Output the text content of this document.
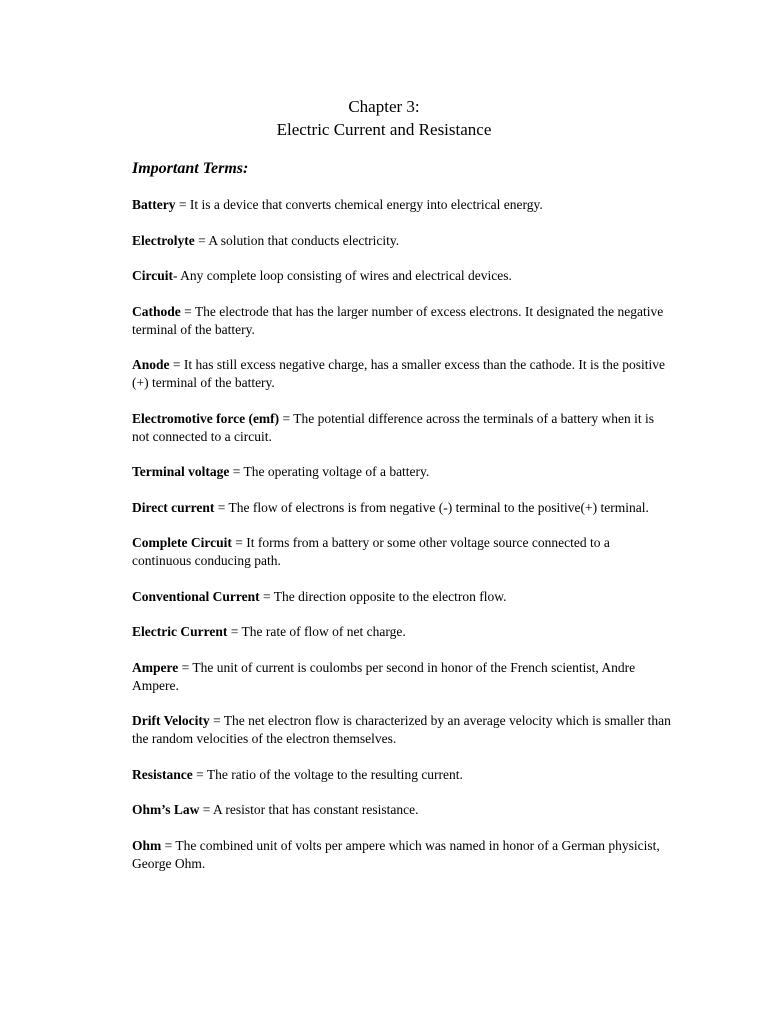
Chapter 3:
Electric Current and Resistance
Important Terms:

Battery = It is a device that converts chemical energy into electrical energy.

Electrolyte = A solution that conducts electricity.

Circuit- Any complete loop consisting of wires and electrical devices.

Cathode = The electrode that has the larger number of excess electrons. It designated the negative terminal of the battery.

Anode = It has still excess negative charge, has a smaller excess than the cathode. It is the positive (+) terminal of the battery.

Electromotive force (emf) = The potential difference across the terminals of a battery when it is not connected to a circuit.

Terminal voltage = The operating voltage of a battery.

Direct current = The flow of electrons is from negative (-) terminal to the positive(+) terminal.

Complete Circuit = It forms from a battery or some other voltage source connected to a continuous conducing path.

Conventional Current = The direction opposite to the electron flow.

Electric Current = The rate of flow of net charge.

Ampere = The unit of current is coulombs per second in honor of the French scientist, Andre Ampere.

Drift Velocity = The net electron flow is characterized by an average velocity which is smaller than the random velocities of the electron themselves.

Resistance = The ratio of the voltage to the resulting current.

Ohm’s Law = A resistor that has constant resistance.

Ohm = The combined unit of volts per ampere which was named in honor of a German physicist, George Ohm.
